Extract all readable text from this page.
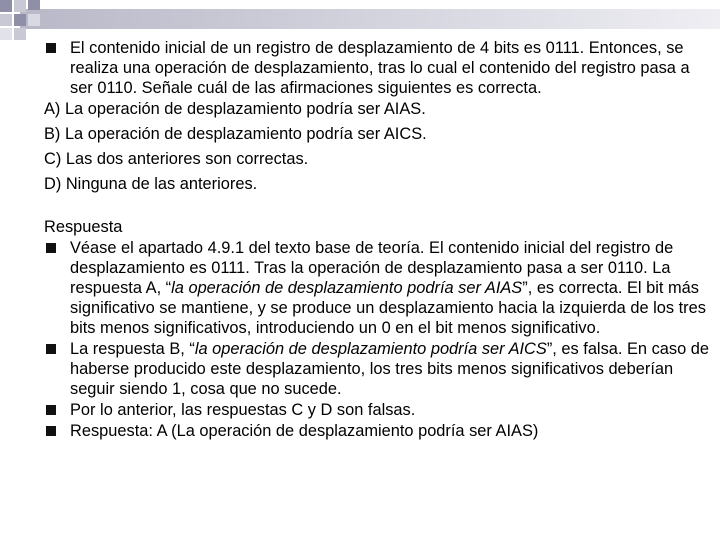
El contenido inicial de un registro de desplazamiento de 4 bits es 0111. Entonces, se realiza una operación de desplazamiento, tras lo cual el contenido del registro pasa a ser 0110. Señale cuál de las afirmaciones siguientes es correcta.
A) La operación de desplazamiento podría ser AIAS.
B) La operación de desplazamiento podría ser AICS.
C) Las dos anteriores son correctas.
D) Ninguna de las anteriores.
Respuesta
Véase el apartado 4.9.1 del texto base de teoría. El contenido inicial del registro de desplazamiento es 0111. Tras la operación de desplazamiento pasa a ser 0110. La respuesta A, “la operación de desplazamiento podría ser AIAS”, es correcta. El bit más significativo se mantiene, y se produce un desplazamiento hacia la izquierda de los tres bits menos significativos, introduciendo un 0 en el bit menos significativo.
La respuesta B, “la operación de desplazamiento podría ser AICS”, es falsa. En caso de haberse producido este desplazamiento, los tres bits menos significativos deberían seguir siendo 1, cosa que no sucede.
Por lo anterior, las respuestas C y D son falsas.
Respuesta: A (La operación de desplazamiento podría ser AIAS)
